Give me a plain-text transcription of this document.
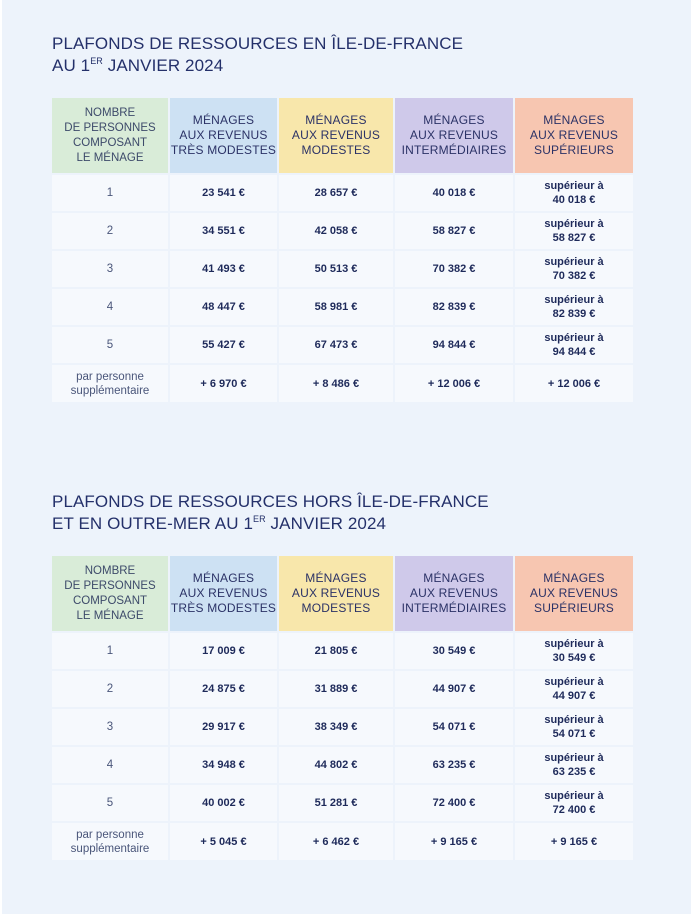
PLAFONDS DE RESSOURCES EN ÎLE-DE-FRANCE
AU 1ER JANVIER 2024
NOMBRE
DE PERSONNES
COMPOSANT
LE MÉNAGE	MÉNAGES
AUX REVENUS
TRÈS MODESTES	MÉNAGES
AUX REVENUS
MODESTES	MÉNAGES
AUX REVENUS
INTERMÉDIAIRES	MÉNAGES
AUX REVENUS
SUPÉRIEURS
1	23 541 €	28 657 €	40 018 €	supérieur à
40 018 €
2	34 551 €	42 058 €	58 827 €	supérieur à
58 827 €
3	41 493 €	50 513 €	70 382 €	supérieur à
70 382 €
4	48 447 €	58 981 €	82 839 €	supérieur à
82 839 €
5	55 427 €	67 473 €	94 844 €	supérieur à
94 844 €
par personne
supplémentaire	+ 6 970 €	+ 8 486 €	+ 12 006 €	+ 12 006 €
PLAFONDS DE RESSOURCES HORS ÎLE-DE-FRANCE
ET EN OUTRE-MER AU 1ER JANVIER 2024
NOMBRE
DE PERSONNES
COMPOSANT
LE MÉNAGE	MÉNAGES
AUX REVENUS
TRÈS MODESTES	MÉNAGES
AUX REVENUS
MODESTES	MÉNAGES
AUX REVENUS
INTERMÉDIAIRES	MÉNAGES
AUX REVENUS
SUPÉRIEURS
1	17 009 €	21 805 €	30 549 €	supérieur à
30 549 €
2	24 875 €	31 889 €	44 907 €	supérieur à
44 907 €
3	29 917 €	38 349 €	54 071 €	supérieur à
54 071 €
4	34 948 €	44 802 €	63 235 €	supérieur à
63 235 €
5	40 002 €	51 281 €	72 400 €	supérieur à
72 400 €
par personne
supplémentaire	+ 5 045 €	+ 6 462 €	+ 9 165 €	+ 9 165 €
